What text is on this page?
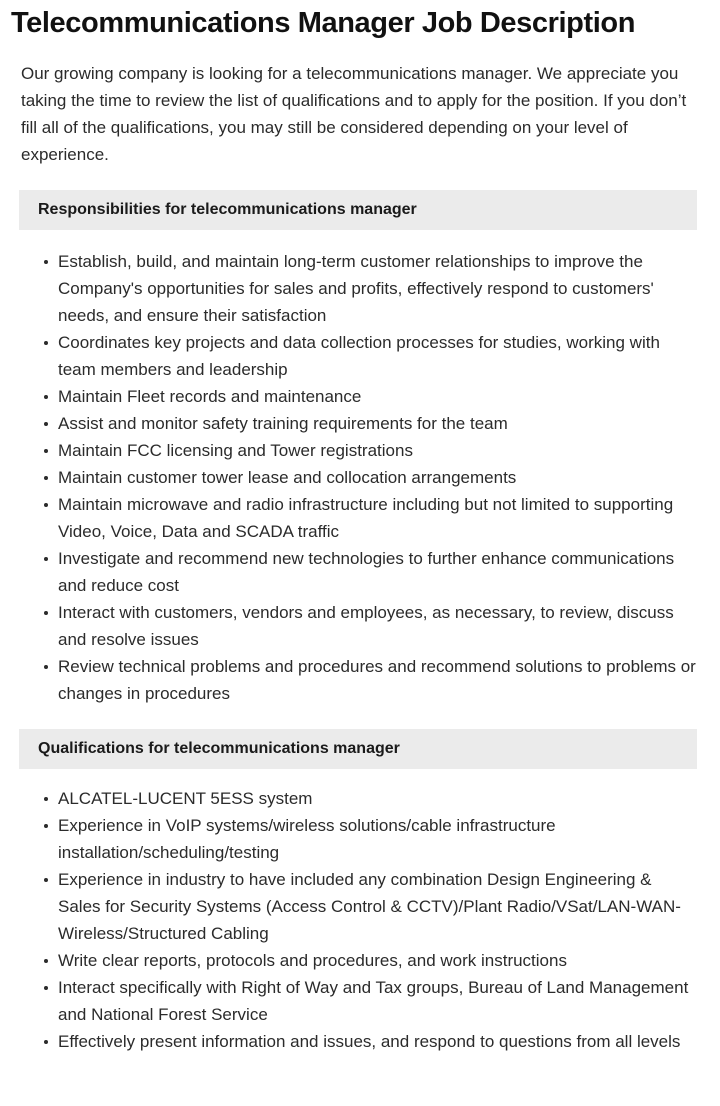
Telecommunications Manager Job Description

Our growing company is looking for a telecommunications manager. We appreciate you taking the time to review the list of qualifications and to apply for the position. If you don’t fill all of the qualifications, you may still be considered depending on your level of experience.

Responsibilities for telecommunications manager
Establish, build, and maintain long-term customer relationships to improve the Company's opportunities for sales and profits, effectively respond to customers' needs, and ensure their satisfaction
Coordinates key projects and data collection processes for studies, working with team members and leadership
Maintain Fleet records and maintenance
Assist and monitor safety training requirements for the team
Maintain FCC licensing and Tower registrations
Maintain customer tower lease and collocation arrangements
Maintain microwave and radio infrastructure including but not limited to supporting Video, Voice, Data and SCADA traffic
Investigate and recommend new technologies to further enhance communications and reduce cost
Interact with customers, vendors and employees, as necessary, to review, discuss and resolve issues
Review technical problems and procedures and recommend solutions to problems or changes in procedures
Qualifications for telecommunications manager
ALCATEL-LUCENT 5ESS system
Experience in VoIP systems/wireless solutions/cable infrastructure installation/scheduling/testing
Experience in industry to have included any combination Design Engineering & Sales for Security Systems (Access Control & CCTV)/Plant Radio/VSat/LAN-WAN-Wireless/Structured Cabling
Write clear reports, protocols and procedures, and work instructions
Interact specifically with Right of Way and Tax groups, Bureau of Land Management and National Forest Service
Effectively present information and issues, and respond to questions from all levels
